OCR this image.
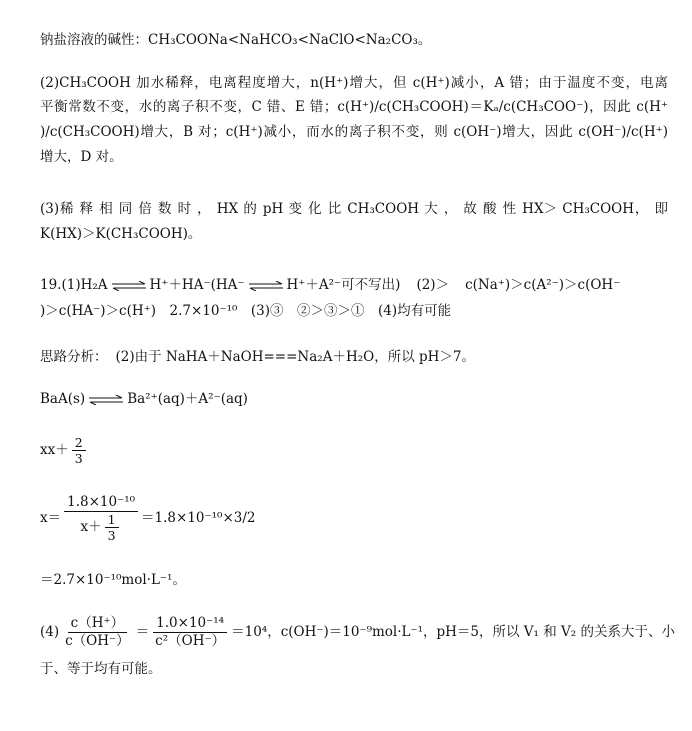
钠盐溶液的碱性：CH₃COONa<NaHCO₃<NaClO<Na₂CO₃。
(2)CH₃COOH 加水稀释，电离程度增大，n(H⁺)增大，但 c(H⁺)减小，A 错；由于温度不变，电离
平衡常数不变，水的离子积不变，C 错、E 错；c(H⁺)/c(CH₃COOH)＝Kₐ/c(CH₃COO⁻)，因此 c(H⁺
)/c(CH₃COOH)增大，B 对；c(H⁺)减小，而水的离子积不变，则 c(OH⁻)增大，因此 c(OH⁻)/c(H⁺)
增大，D 对。
(3)稀 释 相 同 倍 数 时 ， HX 的 pH 变 化 比 CH₃COOH 大 ， 故 酸 性 HX＞ CH₃COOH， 即
K(HX)＞K(CH₃COOH)。
19.(1)H₂A ⇌ H⁺＋HA⁻(HA⁻ ⇌ H⁺＋A²⁻可不写出) (2)＞ c(Na⁺)＞c(A²⁻)＞c(OH⁻
)＞c(HA⁻)＞c(H⁺)　2.7×10⁻¹⁰　(3)③　②＞③＞①　(4)均有可能
思路分析： (2)由于 NaHA＋NaOH===Na₂A＋H₂O，所以 pH＞7。
BaA(s) ⇌ Ba²⁺(aq)＋A²⁻(aq)
$xx+ \frac{2}{3}$
$x= \frac{\text{1.8×10⁻¹⁰}}{x+ \frac{1}{3}} =1.8\times 10^{-10}\times 3/2$
＝2.7×10⁻¹⁰mol·L⁻¹。
$(4) \frac{c(H^+)}{c(OH^-)} = \frac{\text{1.0×10⁻¹⁴}}{\text{c²（OH⁻）}} =10^4$，c(OH⁻)＝10⁻⁹mol·L⁻¹，pH＝5，所以 V₁ 和 V₂ 的关系大于、小
于、等于均有可能。
